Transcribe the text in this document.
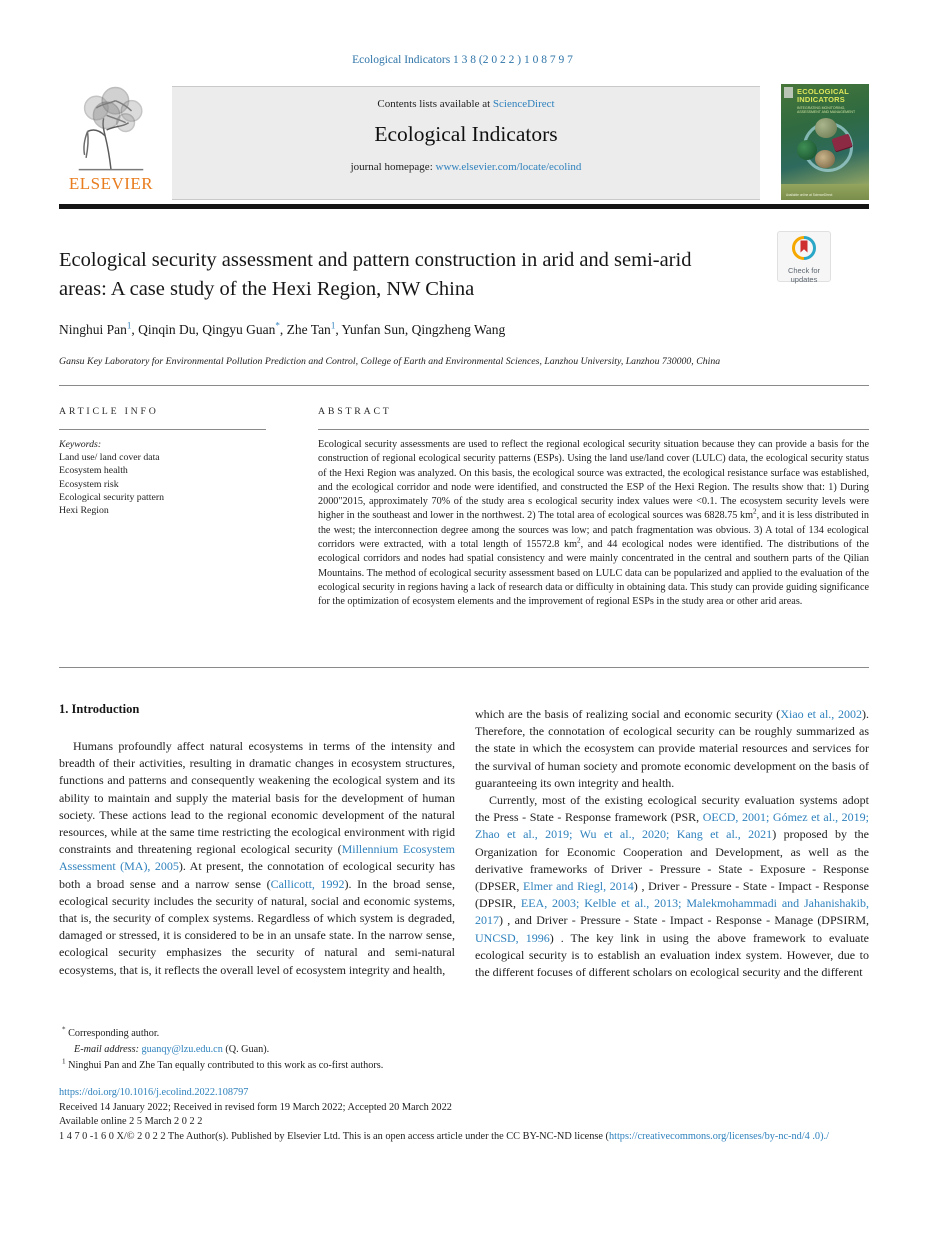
Ecological Indicators 1 3 8 (2 0 2 2 ) 1 0 8 7 9 7
ELSEVIER
Contents lists available at ScienceDirect
Ecological Indicators
journal homepage: www.elsevier.com/locate/ecolind
ECOLOGICAL INDICATORS
INTEGRATING MONITORING, ASSESSMENT AND MANAGEMENT
Available online at ScienceDirect
Check for
updates
Ecological security assessment and pattern construction in arid and semi-arid areas: A case study of the Hexi Region, NW China
Ninghui Pan$^1$, Qinqin Du, Qingyu Guan*, Zhe Tan$^1$, Yunfan Sun, Qingzheng Wang
Gansu Key Laboratory for Environmental Pollution Prediction and Control, College of Earth and Environmental Sciences, Lanzhou University, Lanzhou 730000, China
ARTICLE INFO
Keywords:
Land use/ land cover data
Ecosystem health
Ecosystem risk
Ecological security pattern
Hexi Region
ABSTRACT
Ecological security assessments are used to reflect the regional ecological security situation because they can provide a basis for the construction of regional ecological security patterns (ESPs). Using the land use/land cover (LULC) data, the ecological security status of the Hexi Region was analyzed. On this basis, the ecological source was extracted, the ecological resistance surface was established, and the ecological corridor and node were identified, and constructed the ESP of the Hexi Region. The results show that: 1) During 2000"2015, approximately 70% of the study area s ecological security index values were <0.1. The ecosystem security levels were higher in the southeast and lower in the northwest. 2) The total area of ecological sources was 6828.75 $km^2$, and it is less distributed in the west; the interconnection degree among the sources was low; and patch fragmentation was obvious. 3) A total of 134 ecological corridors were extracted, with a total length of 15572.8 $km^2$, and 44 ecological nodes were identified. The distributions of the ecological corridors and nodes had spatial consistency and were mainly concentrated in the central and southern parts of the Qilian Mountains. The method of ecological security assessment based on LULC data can be popularized and applied to the evaluation of the ecological security in regions having a lack of research data or difficulty in obtaining data. This study can provide guiding significance for the optimization of ecosystem elements and the improvement of regional ESPs in the study area or other arid areas.
1. Introduction
Humans profoundly affect natural ecosystems in terms of the intensity and breadth of their activities, resulting in dramatic changes in ecosystem structures, functions and patterns and consequently weakening the ecological system and its ability to maintain and supply the material basis for the development of human society. These actions lead to the regional economic development of the natural resources, while at the same time restricting the ecological environment with rigid constraints and threatening regional ecological security (Millennium Ecosystem Assessment (MA), 2005). At present, the connotation of ecological security has both a broad sense and a narrow sense (Callicott, 1992). In the broad sense, ecological security includes the security of natural, social and economic systems, that is, the security of complex systems. Regardless of which system is degraded, damaged or stressed, it is considered to be in an unsafe state. In the narrow sense, ecological security emphasizes the security of natural and semi-natural ecosystems, that is, it reflects the overall level of ecosystem integrity and health,
which are the basis of realizing social and economic security (Xiao et al., 2002). Therefore, the connotation of ecological security can be roughly summarized as the state in which the ecosystem can provide material resources and services for the survival of human society and promote economic development on the basis of guaranteeing its own integrity and health.
Currently, most of the existing ecological security evaluation systems adopt the Press - State - Response framework (PSR, OECD, 2001; Gómez et al., 2019; Zhao et al., 2019; Wu et al., 2020; Kang et al., 2021) proposed by the Organization for Economic Cooperation and Development, as well as the derivative frameworks of Driver - Pressure - State - Exposure - Response (DPSER, Elmer and Riegl, 2014) , Driver - Pressure - State - Impact - Response (DPSIR, EEA, 2003; Kelble et al., 2013; Malekmohammadi and Jahanishakib, 2017) , and Driver - Pressure - State - Impact - Response - Manage (DPSIRM, UNCSD, 1996) . The key link in using the above framework to evaluate ecological security is to establish an evaluation index system. However, due to the different focuses of different scholars on ecological security and the different
* Corresponding author.
E-mail address: guanqy@lzu.edu.cn (Q. Guan).
$^1$ Ninghui Pan and Zhe Tan equally contributed to this work as co-first authors.
https://doi.org/10.1016/j.ecolind.2022.108797
Received 14 January 2022; Received in revised form 19 March 2022; Accepted 20 March 2022
Available online 2 5 March 2 0 2 2
1 4 7 0 -1 6 0 X/© 2 0 2 2 The Author(s). Published by Elsevier Ltd. This is an open access article under the CC BY-NC-ND license (https://creativecommons.org/licenses/by-nc-nd/4 .0)./
